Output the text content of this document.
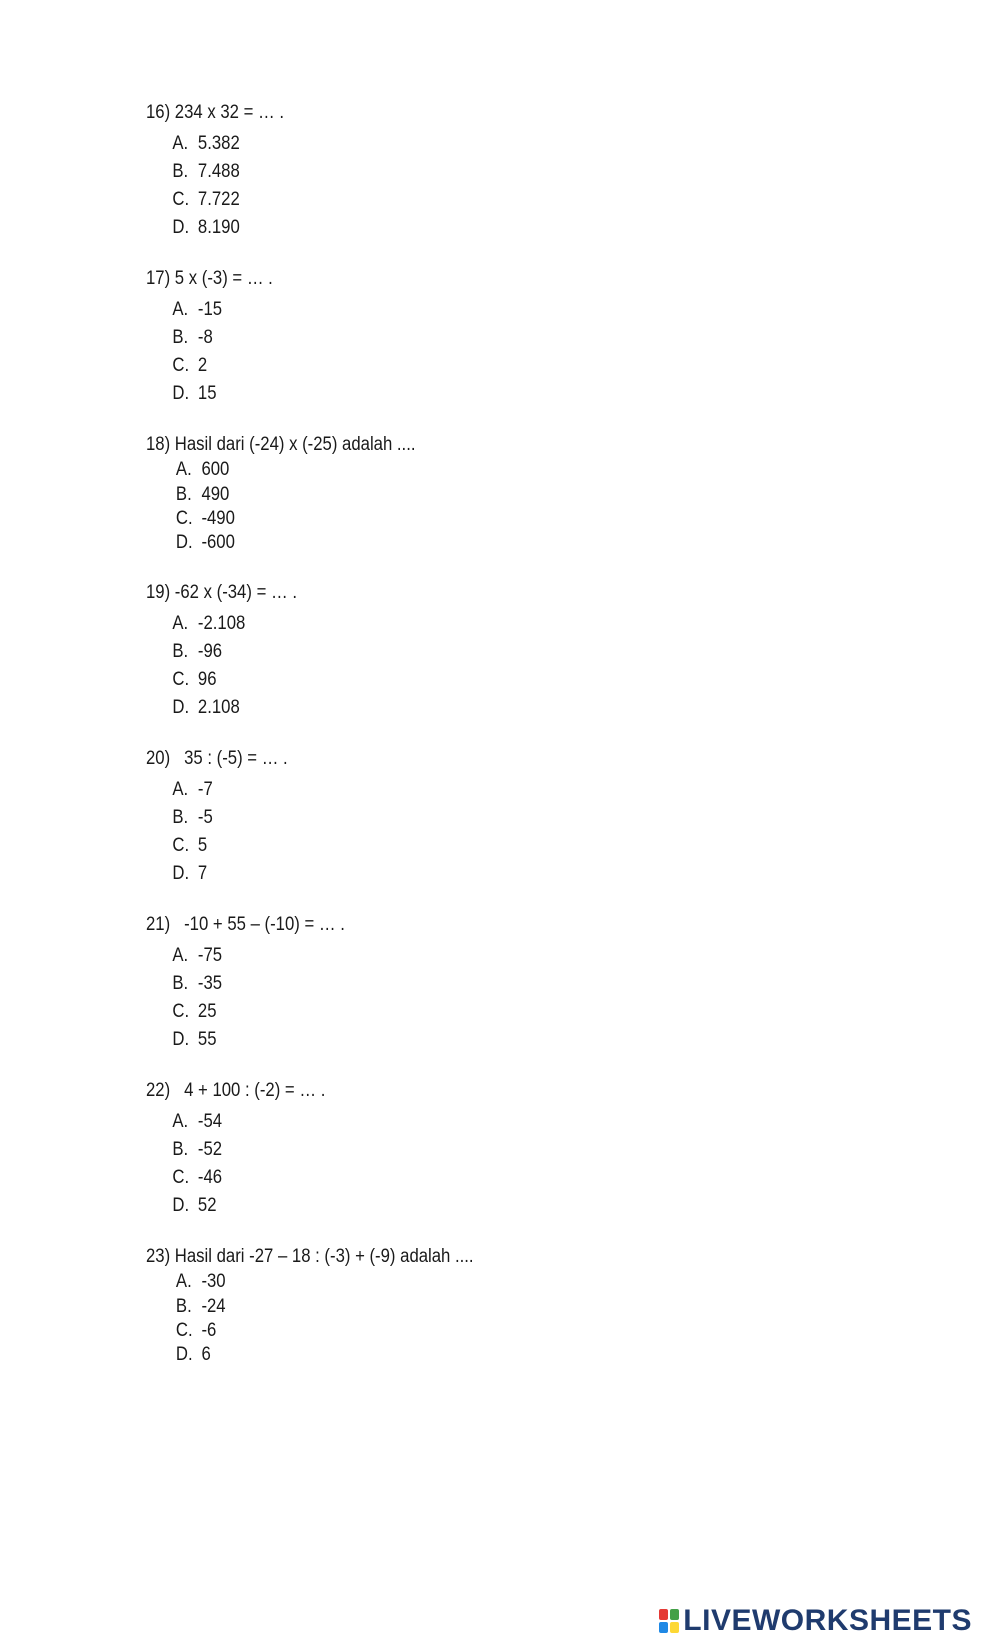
16) 234 x 32 = … .
A. 5.382
B. 7.488
C. 7.722
D. 8.190
17) 5 x (-3) = … .
A. -15
B. -8
C. 2
D. 15
18) Hasil dari (-24) x (-25) adalah ....
A. 600
B. 490
C. -490
D. -600
19) -62 x (-34) = … .
A. -2.108
B. -96
C. 96
D. 2.108
20)   35 : (-5) = … .
A. -7
B. -5
C. 5
D. 7
21)   -10 + 55 – (-10) = … .
A. -75
B. -35
C. 25
D. 55
22)   4 + 100 : (-2) = … .
A. -54
B. -52
C. -46
D. 52
23) Hasil dari -27 – 18 : (-3) + (-9) adalah ....
A. -30
B. -24
C. -6
D. 6
LIVEWORKSHEETS
